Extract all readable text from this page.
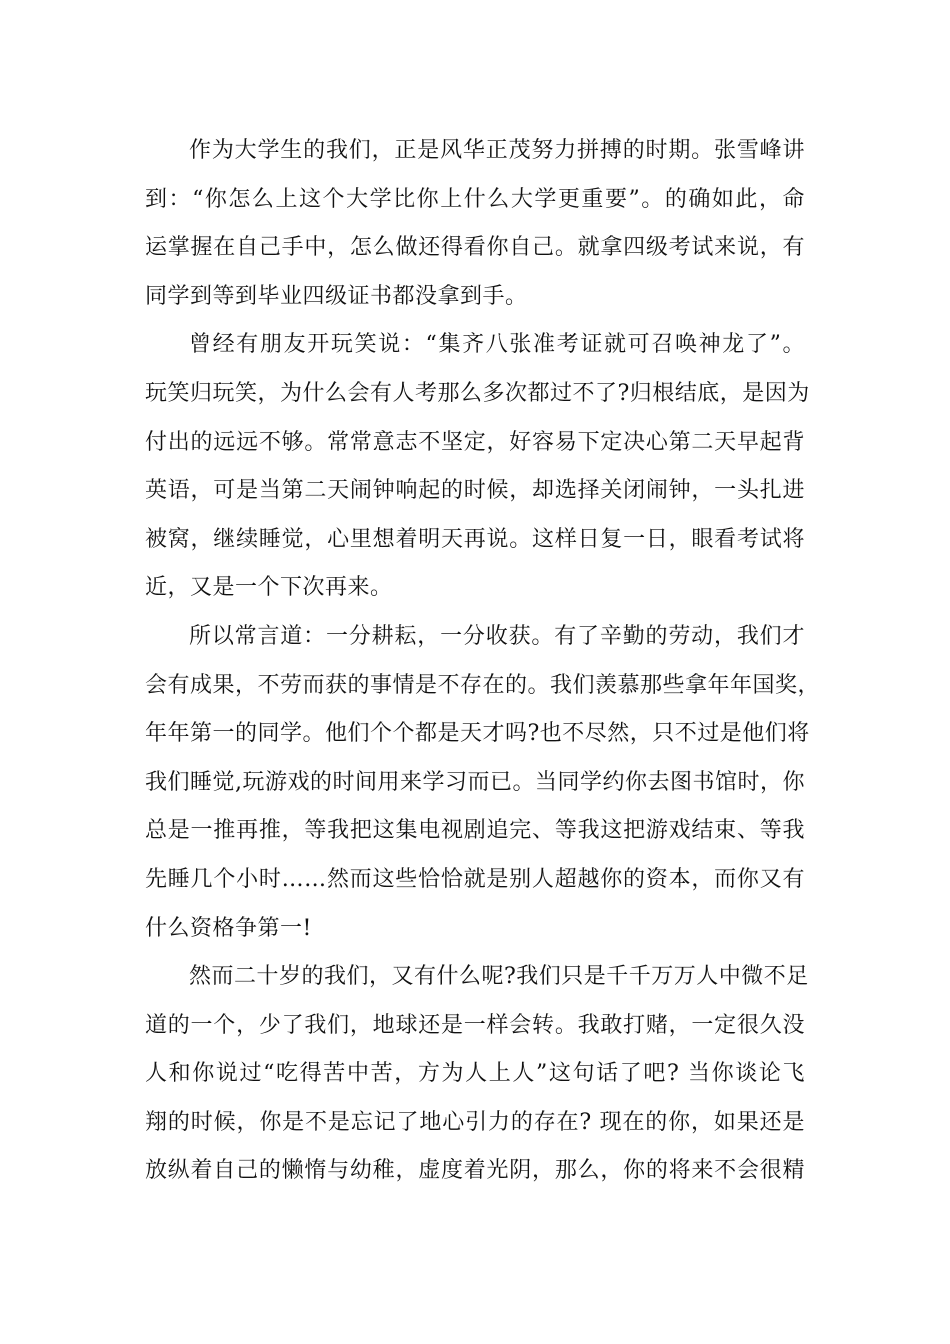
作为大学生的我们，正是风华正茂努力拼搏的时期。张雪峰讲
到：“你怎么上这个大学比你上什么大学更重要”。的确如此，命
运掌握在自己手中，怎么做还得看你自己。就拿四级考试来说，有
同学到等到毕业四级证书都没拿到手。
曾经有朋友开玩笑说：“集齐八张准考证就可召唤神龙了”。
玩笑归玩笑，为什么会有人考那么多次都过不了?归根结底，是因为
付出的远远不够。常常意志不坚定，好容易下定决心第二天早起背
英语，可是当第二天闹钟响起的时候，却选择关闭闹钟，一头扎进
被窝，继续睡觉，心里想着明天再说。这样日复一日，眼看考试将
近，又是一个下次再来。
所以常言道：一分耕耘，一分收获。有了辛勤的劳动，我们才
会有成果，不劳而获的事情是不存在的。我们羡慕那些拿年年国奖，
年年第一的同学。他们个个都是天才吗?也不尽然，只不过是他们将
我们睡觉,玩游戏的时间用来学习而已。当同学约你去图书馆时，你
总是一推再推，等我把这集电视剧追完、等我这把游戏结束、等我
先睡几个小时……然而这些恰恰就是别人超越你的资本，而你又有
什么资格争第一!
然而二十岁的我们，又有什么呢?我们只是千千万万人中微不足
道的一个，少了我们，地球还是一样会转。我敢打赌，一定很久没
人和你说过“吃得苦中苦，方为人上人”这句话了吧? 当你谈论飞
翔的时候，你是不是忘记了地心引力的存在? 现在的你，如果还是
放纵着自己的懒惰与幼稚，虚度着光阴，那么，你的将来不会很精
